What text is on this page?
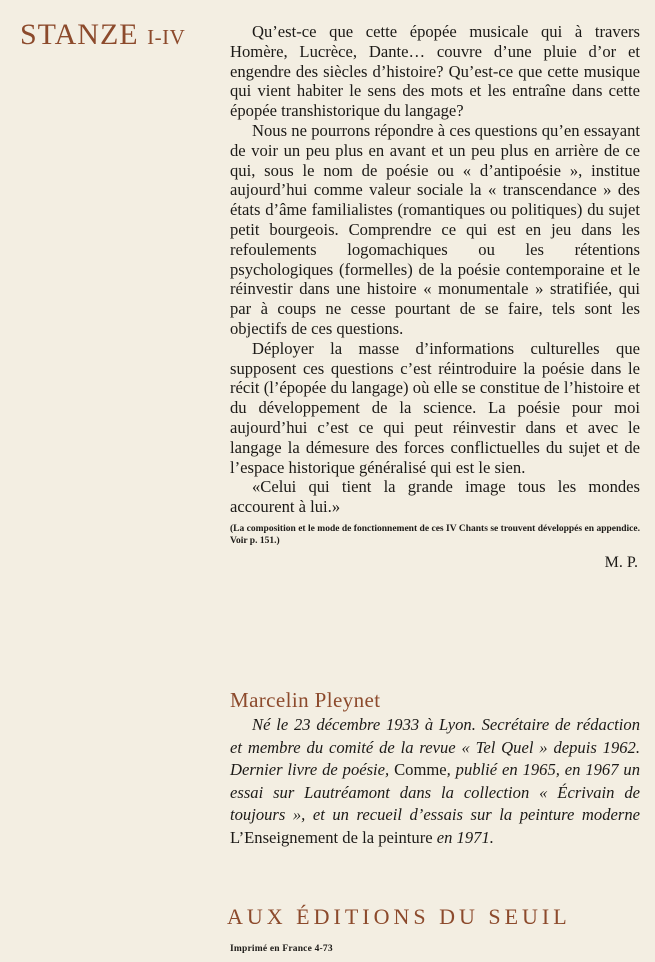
STANZE I-IV	Qu’est-ce que cette épopée musicale qui à travers Homère, Lucrèce, Dante… couvre d’une pluie d’or et engendre des siècles d’histoire? Qu’est-ce que cette musique qui vient habiter le sens des mots et les entraîne dans cette épopée transhistorique du langage?

Nous ne pourrons répondre à ces questions qu’en essayant de voir un peu plus en avant et un peu plus en arrière de ce qui, sous le nom de poésie ou « d’antipoésie », institue aujourd’hui comme valeur sociale la « transcendance » des états d’âme familialistes (romantiques ou politiques) du sujet petit bourgeois. Comprendre ce qui est en jeu dans les refoulements logomachiques ou les rétentions psychologiques (formelles) de la poésie contemporaine et le réinvestir dans une histoire « monumentale » stratifiée, qui par à coups ne cesse pourtant de se faire, tels sont les objectifs de ces questions.

Déployer la masse d’informations culturelles que supposent ces questions c’est réintroduire la poésie dans le récit (l’épopée du langage) où elle se constitue de l’histoire et du développement de la science. La poésie pour moi aujourd’hui c’est ce qui peut réinvestir dans et avec le langage la démesure des forces conflictuelles du sujet et de l’espace historique généralisé qui est le sien.

«Celui qui tient la grande image tous les mondes accourent à lui.»

(La composition et le mode de fonctionnement de ces IV Chants se trouvent développés en appendice. Voir p. 151.)
M. P.
Marcelin Pleynet
Né le 23 décembre 1933 à Lyon. Secrétaire de rédaction et membre du comité de la revue « Tel Quel » depuis 1962. Dernier livre de poésie, Comme, publié en 1965, en 1967 un essai sur Lautréamont dans la collection « Écrivain de toujours », et un recueil d’essais sur la peinture moderne L’Enseignement de la peinture en 1971.
AUX ÉDITIONS DU SEUIL
Imprimé en France 4-73
